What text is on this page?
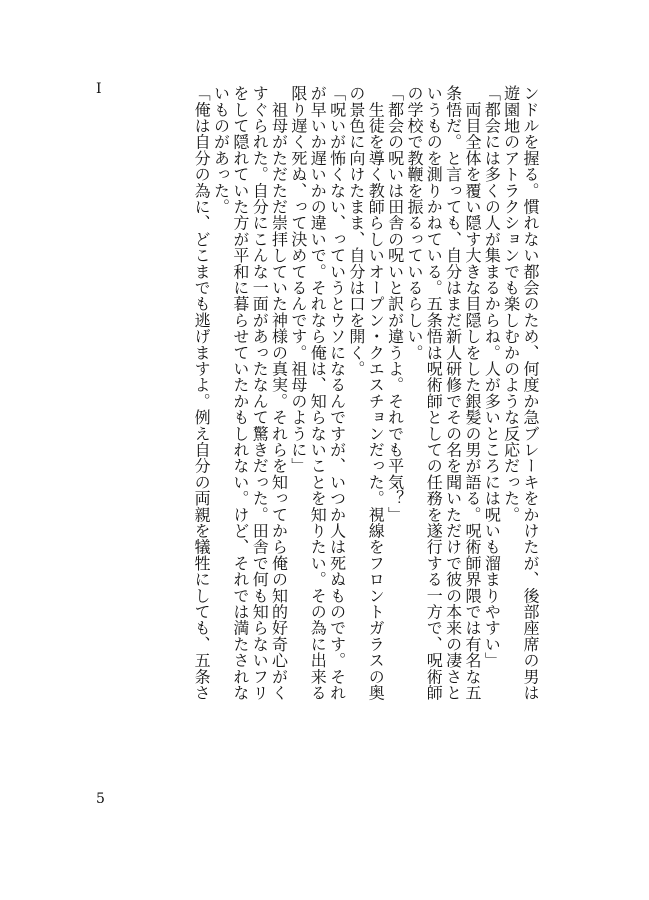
I	ンドルを握る。慣れない都会のため、何度か急ブレーキをかけたが、後部座席の男は

遊園地のアトラクションでも楽しむかのような反応だった。

「都会には多くの人が集まるからね。人が多いところには呪いも溜まりやすい」

　両目全体を覆い隠す大きな目隠しをした銀髪の男が語る。呪術師界隈では有名な五

条悟だ。と言っても、自分はまだ新人研修でその名を聞いただけで彼の本来の凄さと

いうものを測りかねている。五条悟は呪術師としての任務を遂行する一方で、呪術師

の学校で教鞭を振るっているらしい。

「都会の呪いは田舎の呪いと訳が違うよ。それでも平気？」

　生徒を導く教師らしいオープン・クエスチョンだった。視線をフロントガラスの奥

の景色に向けたまま、自分は口を開く。

「呪いが怖くない、っていうとウソになるんですが、いつか人は死ぬものです。それ

が早いか遅いかの違いで。それなら俺は、知らないことを知りたい。その為に出来る

限り遅く死ぬ、って決めてるんです。祖母のように」

　祖母がただただ崇拝していた神様の真実。それらを知ってから俺の知的好奇心がく

すぐられた。自分にこんな一面があったなんて驚きだった。田舎で何も知らないフリ

をして隠れていた方が平和に暮らせていたかもしれない。けど、それでは満たされな

いものがあった。

「俺は自分の為に、どこまでも逃げますよ。例え自分の両親を犠牲にしても、五条さ

5
